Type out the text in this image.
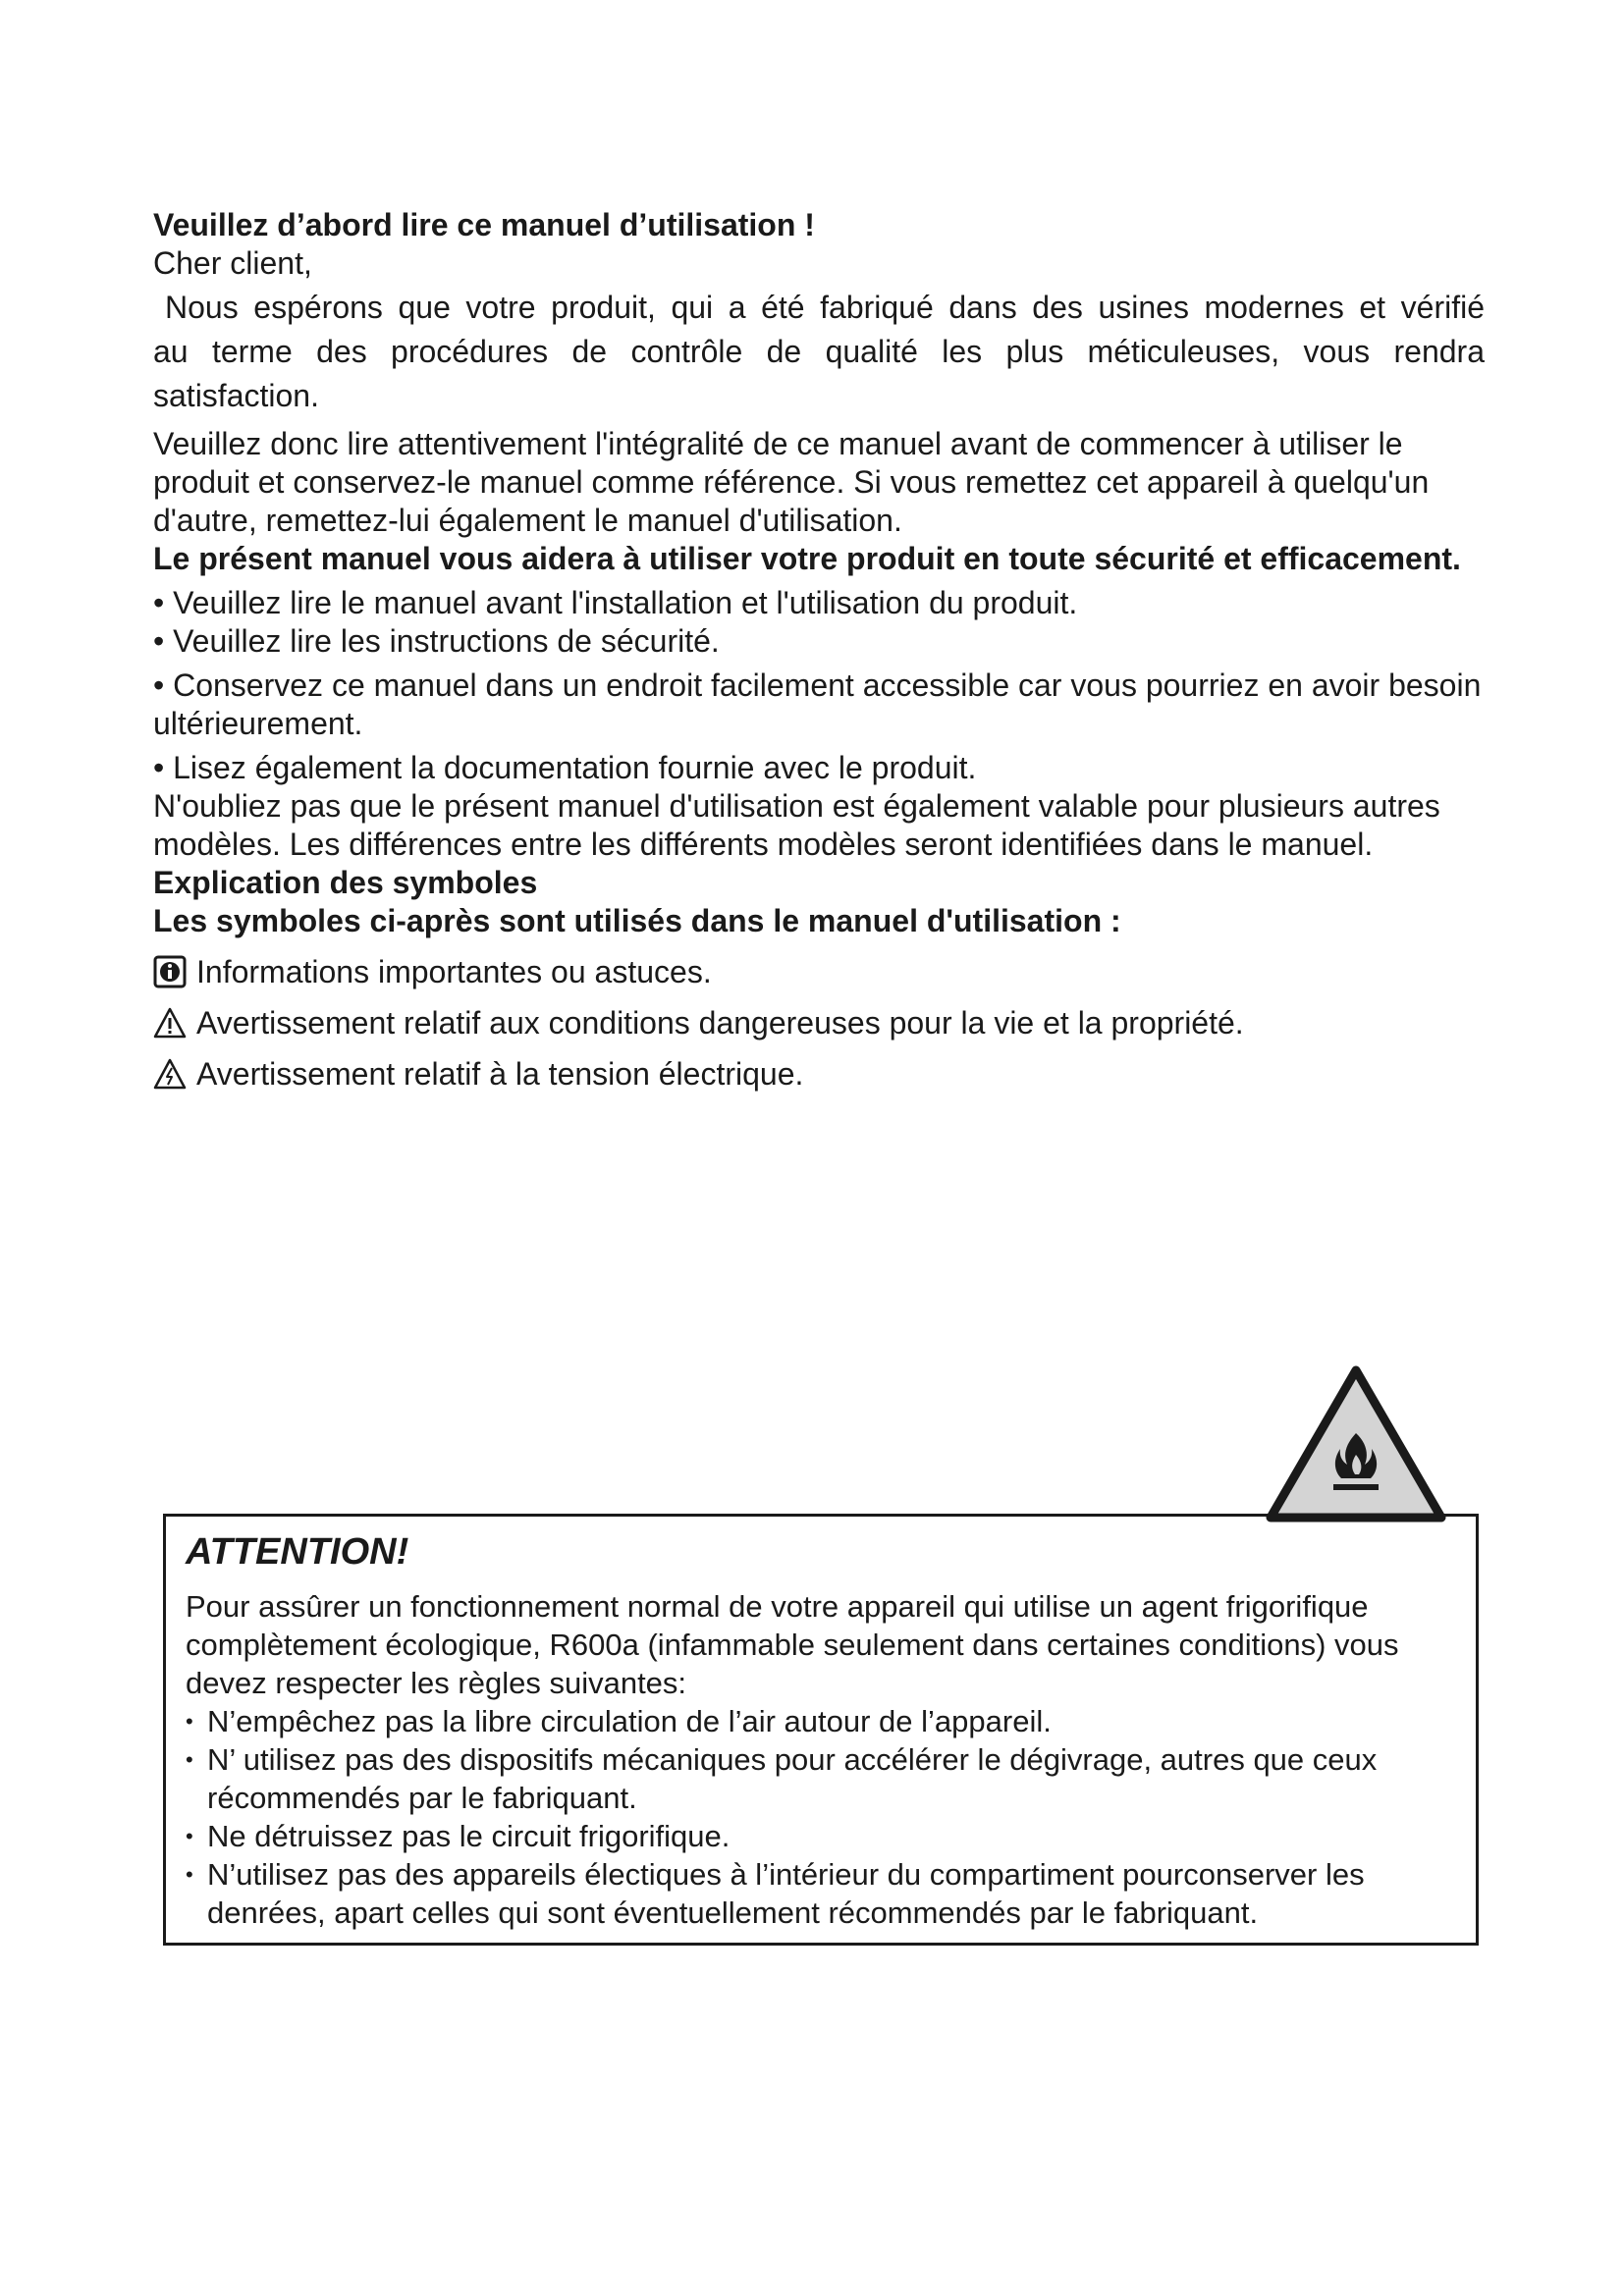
Veuillez d’abord lire ce manuel d’utilisation !

Cher client,

Nous espérons que votre produit, qui a été fabriqué dans des usines modernes et vérifié

au terme des procédures de contrôle de qualité les plus méticuleuses, vous rendra

satisfaction.

Veuillez donc lire attentivement l'intégralité de ce manuel avant de commencer à utiliser le produit et conservez-le manuel comme référence. Si vous remettez cet appareil à quelqu'un d'autre, remettez-lui également le manuel d'utilisation.

Le présent manuel vous aidera à utiliser votre produit en toute sécurité et efficacement.

• Veuillez lire le manuel avant l'installation et l'utilisation du produit.

• Veuillez lire les instructions de sécurité.

• Conservez ce manuel dans un endroit facilement accessible car vous pourriez en avoir besoin ultérieurement.

• Lisez également la documentation fournie avec le produit.

N'oubliez pas que le présent manuel d'utilisation est également valable pour plusieurs autres modèles. Les différences entre les différents modèles seront identifiées dans le manuel.

Explication des symboles

Les symboles ci-après sont utilisés dans le manuel d'utilisation :

Informations importantes ou astuces.

Avertissement relatif aux conditions dangereuses pour la vie et la propriété.

Avertissement relatif à la tension électrique.

ATTENTION!

Pour assûrer un fonctionnement normal de votre appareil qui utilise un agent frigorifique complètement écologique, R600a (infammable seulement dans certaines conditions) vous devez respecter les règles suivantes:

• N’empêchez pas la libre circulation de l’air autour de l’appareil.

• N’ utilisez pas des dispositifs mécaniques pour accélérer le dégivrage, autres que ceux récommendés par le fabriquant.

• Ne détruissez pas le circuit frigorifique.

• N’utilisez pas des appareils électiques à l’intérieur du compartiment pourconserver les denrées, apart celles qui sont éventuellement récommendés par le fabriquant.
